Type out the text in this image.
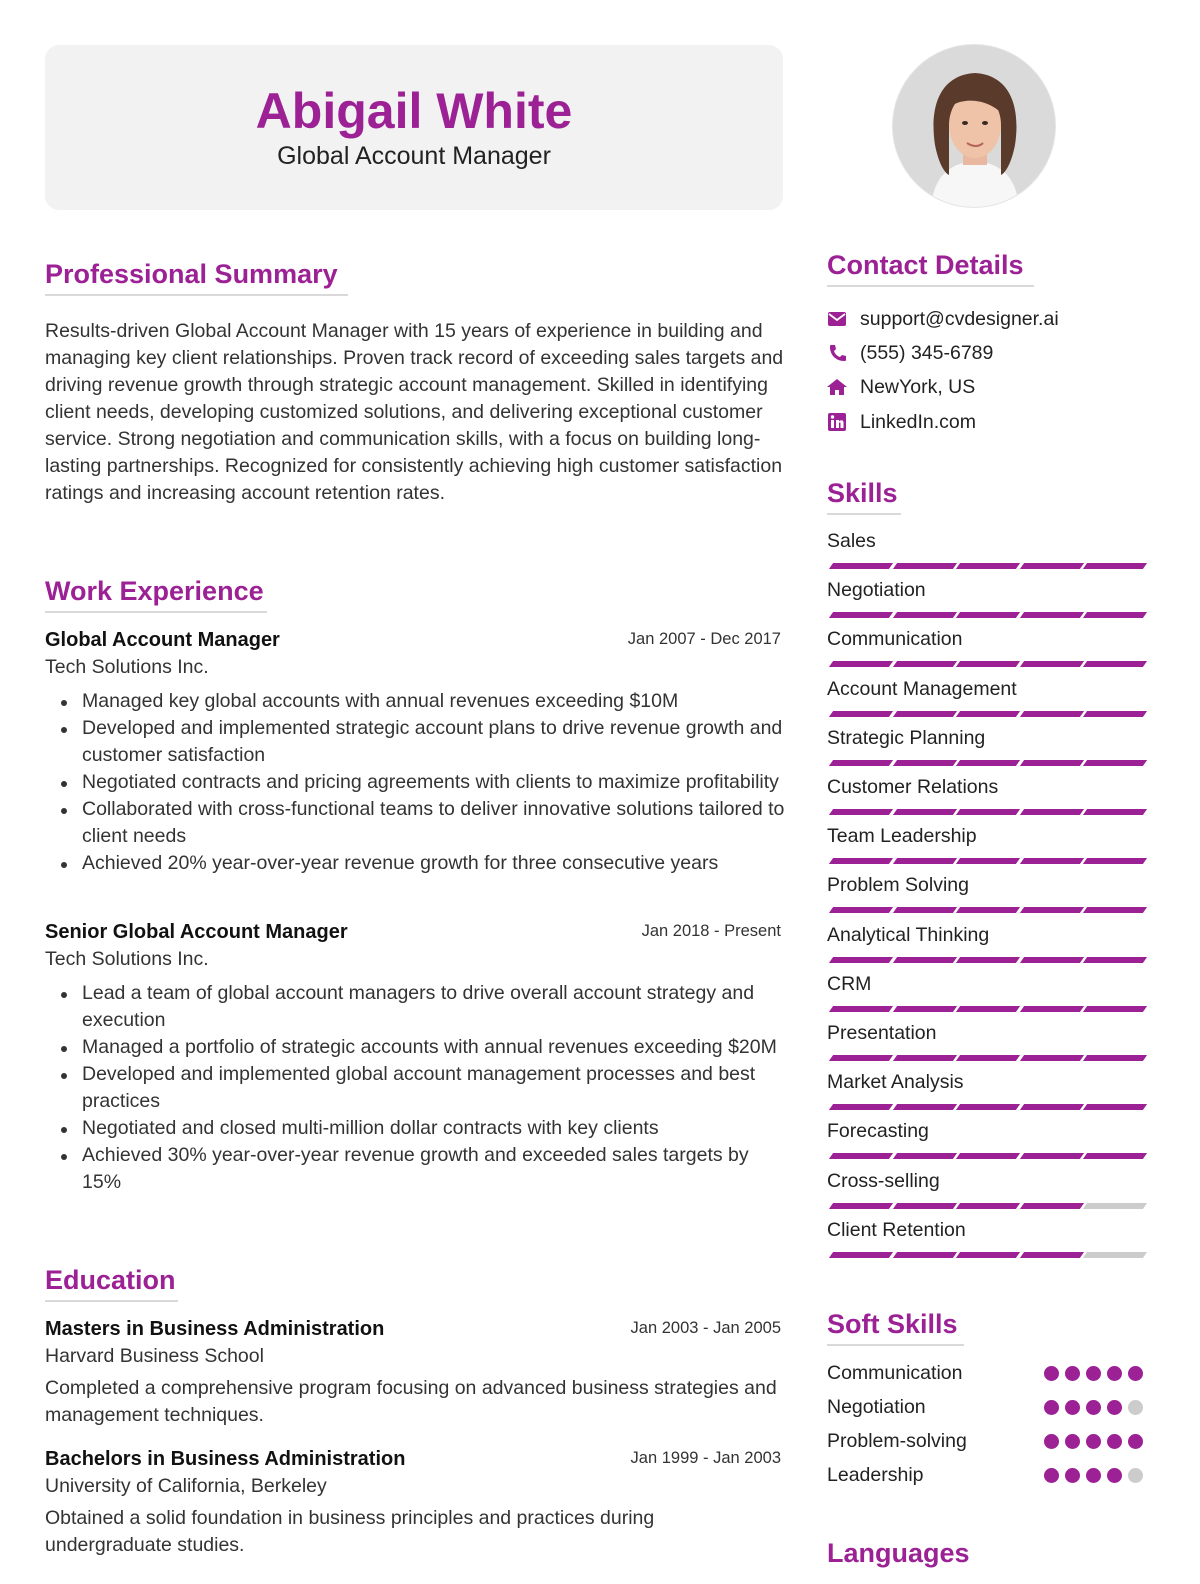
Abigail White
Global Account Manager
Professional Summary
Results-driven Global Account Manager with 15 years of experience in building and managing key client relationships. Proven track record of exceeding sales targets and driving revenue growth through strategic account management. Skilled in identifying client needs, developing customized solutions, and delivering exceptional customer service. Strong negotiation and communication skills, with a focus on building long-lasting partnerships. Recognized for consistently achieving high customer satisfaction ratings and increasing account retention rates.
Work Experience
Global Account Manager	Jan 2007 - Dec 2017
Tech Solutions Inc.
Managed key global accounts with annual revenues exceeding $10M
Developed and implemented strategic account plans to drive revenue growth and customer satisfaction
Negotiated contracts and pricing agreements with clients to maximize profitability
Collaborated with cross-functional teams to deliver innovative solutions tailored to client needs
Achieved 20% year-over-year revenue growth for three consecutive years
Senior Global Account Manager	Jan 2018 - Present
Tech Solutions Inc.
Lead a team of global account managers to drive overall account strategy and execution
Managed a portfolio of strategic accounts with annual revenues exceeding $20M
Developed and implemented global account management processes and best practices
Negotiated and closed multi-million dollar contracts with key clients
Achieved 30% year-over-year revenue growth and exceeded sales targets by 15%
Education
Masters in Business Administration	Jan 2003 - Jan 2005
Harvard Business School
Completed a comprehensive program focusing on advanced business strategies and management techniques.
Bachelors in Business Administration	Jan 1999 - Jan 2003
University of California, Berkeley
Obtained a solid foundation in business principles and practices during undergraduate studies.
Contact Details
support@cvdesigner.ai
(555) 345-6789
NewYork, US
LinkedIn.com
Skills
Sales
Negotiation
Communication
Account Management
Strategic Planning
Customer Relations
Team Leadership
Problem Solving
Analytical Thinking
CRM
Presentation
Market Analysis
Forecasting
Cross-selling
Client Retention
Soft Skills
Communication
Negotiation
Problem-solving
Leadership
Languages
